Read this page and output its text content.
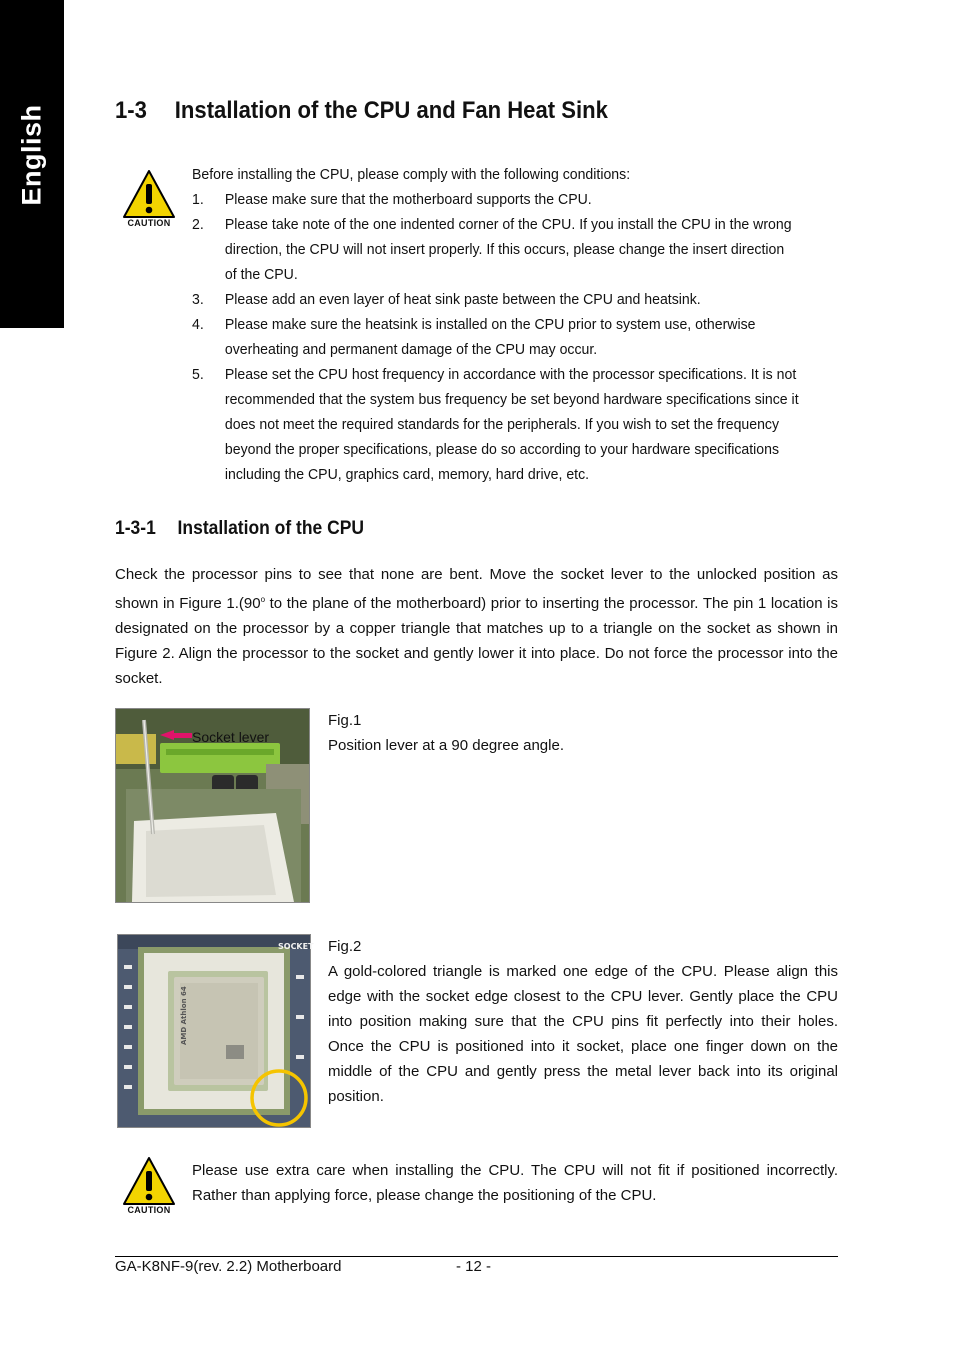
English	1-3 Installation of the CPU and Fan Heat Sink
CAUTION
Before installing the CPU, please comply with the following conditions:
1. Please make sure that the motherboard supports the CPU.
2. Please take note of the one indented corner of the CPU. If you install the CPU in the wrong direction, the CPU will not insert properly. If this occurs, please change the insert direction of the CPU.
3. Please add an even layer of heat sink paste between the CPU and heatsink.
4. Please make sure the heatsink is installed on the CPU prior to system use, otherwise overheating and permanent damage of the CPU may occur.
5. Please set the CPU host frequency in accordance with the processor specifications. It is not recommended that the system bus frequency be set beyond hardware specifications since it does not meet the required standards for the peripherals. If you wish to set the frequency beyond the proper specifications, please do so according to your hardware specifications including the CPU, graphics card, memory, hard drive, etc.
1-3-1 Installation of the CPU

Check the processor pins to see that none are bent. Move the socket lever to the unlocked position as shown in Figure 1.(90$^o$ to the plane of the motherboard) prior to inserting the processor. The pin 1 location is designated on the processor by a copper triangle that matches up to a triangle on the socket as shown in Figure 2. Align the processor to the socket and gently lower it into place. Do not force the processor into the socket.

Socket lever
Fig.1
Position lever at a 90 degree angle.
AMD Athlon 64
SOCKET Fig.2
A gold-colored triangle is marked one edge of the CPU. Please align this edge with the socket edge closest to the CPU lever. Gently place the CPU into position making sure that the CPU pins fit perfectly into their holes. Once the CPU is positioned into it socket, place one finger down on the middle of the CPU and gently press the metal lever back into its original position.
CAUTION
Please use extra care when installing the CPU. The CPU will not fit if positioned incorrectly. Rather than applying force, please change the positioning of the CPU.
GA-K8NF-9(rev. 2.2) Motherboard	- 12 -
